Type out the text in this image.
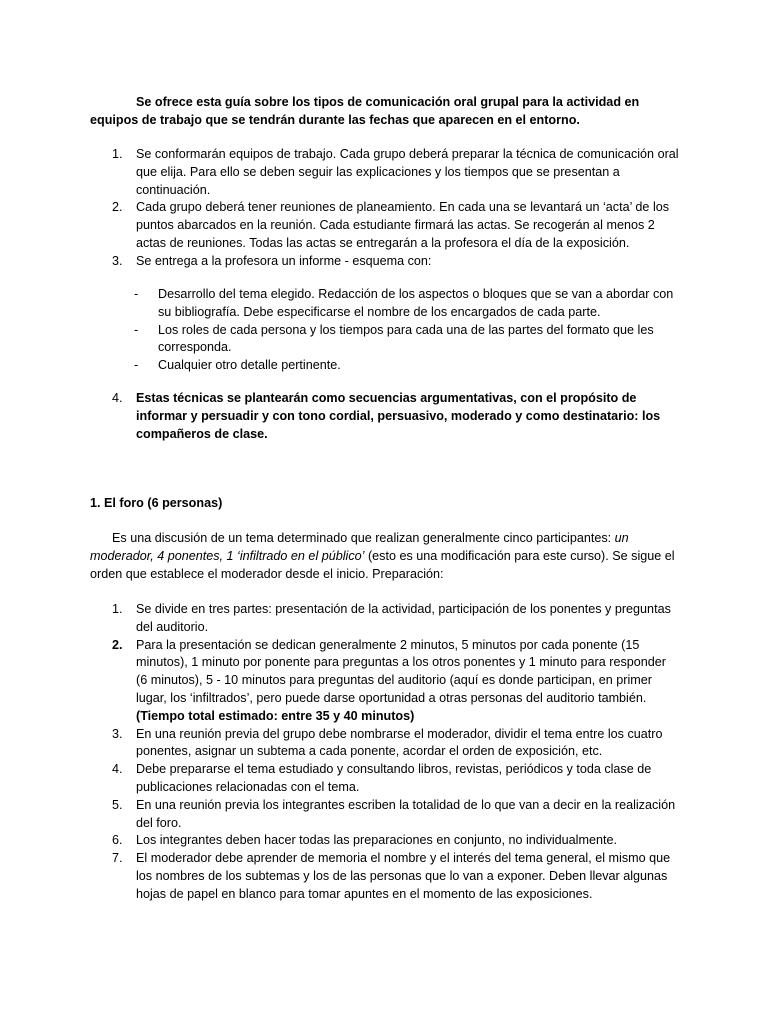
Se ofrece esta guía sobre los tipos de comunicación oral grupal para la actividad en equipos de trabajo que se tendrán durante las fechas que aparecen en el entorno.

1. Se conformarán equipos de trabajo. Cada grupo deberá preparar la técnica de comunicación oral que elija. Para ello se deben seguir las explicaciones y los tiempos que se presentan a continuación.
2. Cada grupo deberá tener reuniones de planeamiento. En cada una se levantará un ‘acta’ de los puntos abarcados en la reunión. Cada estudiante firmará las actas. Se recogerán al menos 2 actas de reuniones. Todas las actas se entregarán a la profesora el día de la exposición.
3. Se entrega a la profesora un informe - esquema con:
- Desarrollo del tema elegido. Redacción de los aspectos o bloques que se van a abordar con su bibliografía. Debe especificarse el nombre de los encargados de cada parte.
- Los roles de cada persona y los tiempos para cada una de las partes del formato que les corresponda.
- Cualquier otro detalle pertinente.
4. Estas técnicas se plantearán como secuencias argumentativas, con el propósito de informar y persuadir y con tono cordial, persuasivo, moderado y como destinatario: los compañeros de clase.
1. El foro (6 personas)

Es una discusión de un tema determinado que realizan generalmente cinco participantes: un moderador, 4 ponentes, 1 ‘infiltrado en el público’ (esto es una modificación para este curso). Se sigue el orden que establece el moderador desde el inicio. Preparación:

1. Se divide en tres partes: presentación de la actividad, participación de los ponentes y preguntas del auditorio.
2. Para la presentación se dedican generalmente 2 minutos, 5 minutos por cada ponente (15 minutos), 1 minuto por ponente para preguntas a los otros ponentes y 1 minuto para responder (6 minutos), 5 - 10 minutos para preguntas del auditorio (aquí es donde participan, en primer lugar, los ‘infiltrados’, pero puede darse oportunidad a otras personas del auditorio también.
(Tiempo total estimado: entre 35 y 40 minutos)
3. En una reunión previa del grupo debe nombrarse el moderador, dividir el tema entre los cuatro ponentes, asignar un subtema a cada ponente, acordar el orden de exposición, etc.
4. Debe prepararse el tema estudiado y consultando libros, revistas, periódicos y toda clase de publicaciones relacionadas con el tema.
5. En una reunión previa los integrantes escriben la totalidad de lo que van a decir en la realización del foro.
6. Los integrantes deben hacer todas las preparaciones en conjunto, no individualmente.
7. El moderador debe aprender de memoria el nombre y el interés del tema general, el mismo que los nombres de los subtemas y los de las personas que lo van a exponer. Deben llevar algunas hojas de papel en blanco para tomar apuntes en el momento de las exposiciones.
